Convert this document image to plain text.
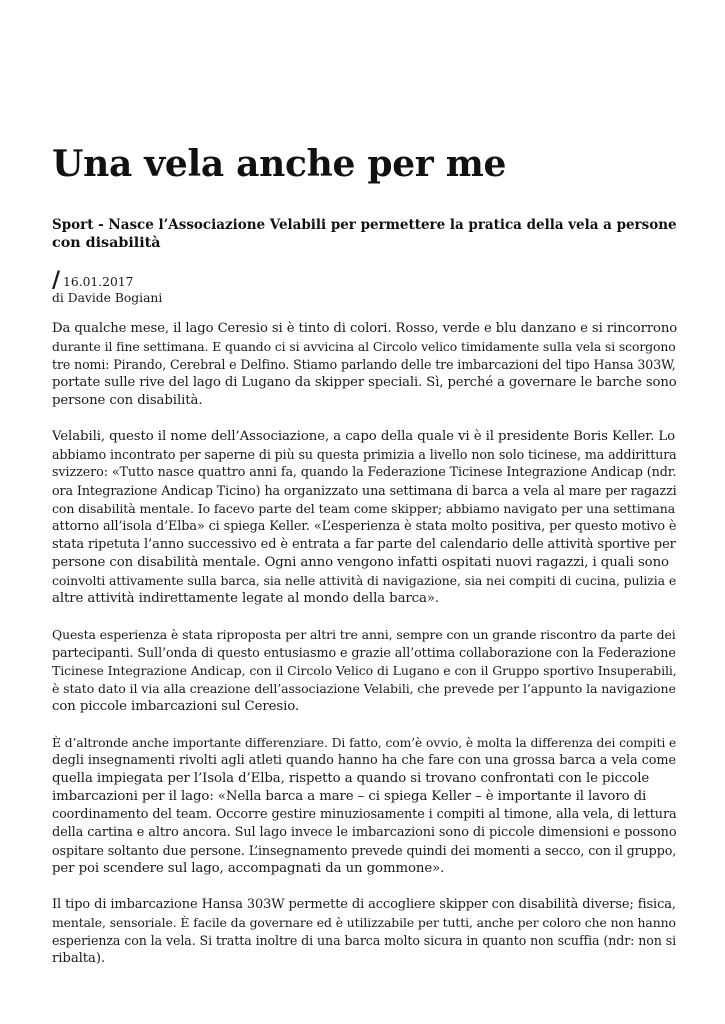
Una vela anche per me
Sport - Nasce l’Associazione Velabili per permettere la pratica della vela a persone
con disabilità
/ 16.01.2017
di Davide Bogiani

Da qualche mese, il lago Ceresio si è tinto di colori. Rosso, verde e blu danzano e si rincorrono
durante il fine settimana. E quando ci si avvicina al Circolo velico timidamente sulla vela si scorgono
tre nomi: Pirando, Cerebral e Delfino. Stiamo parlando delle tre imbarcazioni del tipo Hansa 303W,
portate sulle rive del lago di Lugano da skipper speciali. Sì, perché a governare le barche sono
persone con disabilità.

Velabili, questo il nome dell’Associazione, a capo della quale vi è il presidente Boris Keller. Lo
abbiamo incontrato per saperne di più su questa primizia a livello non solo ticinese, ma addirittura
svizzero: «Tutto nasce quattro anni fa, quando la Federazione Ticinese Integrazione Andicap (ndr.
ora Integrazione Andicap Ticino) ha organizzato una settimana di barca a vela al mare per ragazzi
con disabilità mentale. Io facevo parte del team come skipper; abbiamo navigato per una settimana
attorno all’isola d’Elba» ci spiega Keller. «L’esperienza è stata molto positiva, per questo motivo è
stata ripetuta l’anno successivo ed è entrata a far parte del calendario delle attività sportive per
persone con disabilità mentale. Ogni anno vengono infatti ospitati nuovi ragazzi, i quali sono
coinvolti attivamente sulla barca, sia nelle attività di navigazione, sia nei compiti di cucina, pulizia e
altre attività indirettamente legate al mondo della barca».

Questa esperienza è stata riproposta per altri tre anni, sempre con un grande riscontro da parte dei
partecipanti. Sull’onda di questo entusiasmo e grazie all’ottima collaborazione con la Federazione
Ticinese Integrazione Andicap, con il Circolo Velico di Lugano e con il Gruppo sportivo Insuperabili,
è stato dato il via alla creazione dell’associazione Velabili, che prevede per l’appunto la navigazione
con piccole imbarcazioni sul Ceresio.

È d’altronde anche importante differenziare. Di fatto, com’è ovvio, è molta la differenza dei compiti e
degli insegnamenti rivolti agli atleti quando hanno ha che fare con una grossa barca a vela come
quella impiegata per l’Isola d’Elba, rispetto a quando si trovano confrontati con le piccole
imbarcazioni per il lago: «Nella barca a mare – ci spiega Keller – è importante il lavoro di
coordinamento del team. Occorre gestire minuziosamente i compiti al timone, alla vela, di lettura
della cartina e altro ancora. Sul lago invece le imbarcazioni sono di piccole dimensioni e possono
ospitare soltanto due persone. L’insegnamento prevede quindi dei momenti a secco, con il gruppo,
per poi scendere sul lago, accompagnati da un gommone».

Il tipo di imbarcazione Hansa 303W permette di accogliere skipper con disabilità diverse; fisica,
mentale, sensoriale. È facile da governare ed è utilizzabile per tutti, anche per coloro che non hanno
esperienza con la vela. Si tratta inoltre di una barca molto sicura in quanto non scuffia (ndr: non si
ribalta).
